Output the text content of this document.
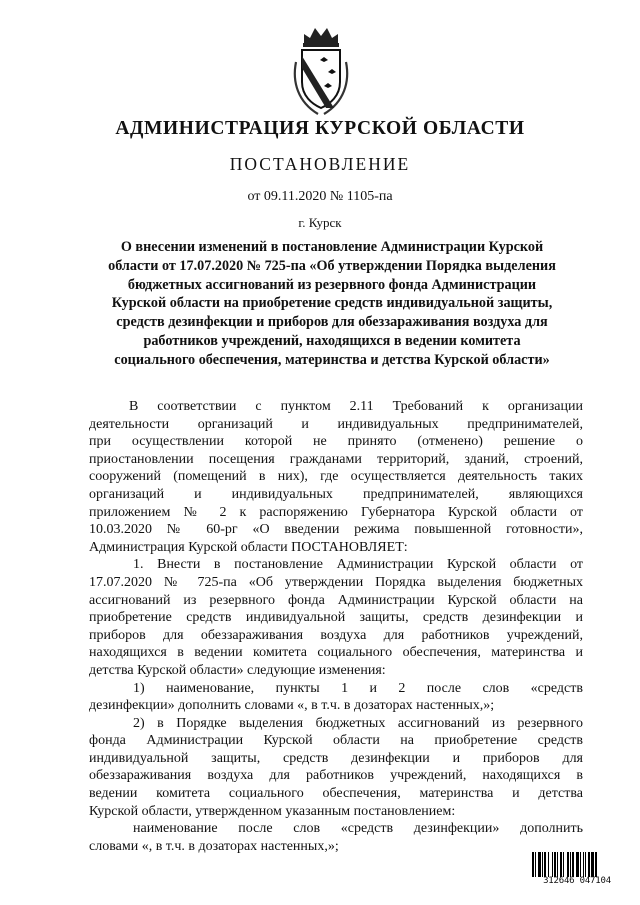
АДМИНИСТРАЦИЯ КУРСКОЙ ОБЛАСТИ
ПОСТАНОВЛЕНИЕ
от 09.11.2020 № 1105-па
г. Курск
О внесении изменений в постановление Администрации Курской
области от 17.07.2020 № 725-па «Об утверждении Порядка выделения
бюджетных ассигнований из резервного фонда Администрации
Курской области на приобретение средств индивидуальной защиты,
средств дезинфекции и приборов для обеззараживания воздуха для
работников учреждений, находящихся в ведении комитета
социального обеспечения, материнства и детства Курской области»
В соответствии с пунктом 2.11 Требований к организации
деятельности организаций и индивидуальных предпринимателей,
при осуществлении которой не принято (отменено) решение о
приостановлении посещения гражданами территорий, зданий, строений,
сооружений (помещений в них), где осуществляется деятельность таких
организаций и индивидуальных предпринимателей, являющихся
приложением № 2 к распоряжению Губернатора Курской области от
10.03.2020 № 60-рг «О введении режима повышенной готовности»,
Администрация Курской области ПОСТАНОВЛЯЕТ:
1. Внести в постановление Администрации Курской области от
17.07.2020 № 725-па «Об утверждении Порядка выделения бюджетных
ассигнований из резервного фонда Администрации Курской области на
приобретение средств индивидуальной защиты, средств дезинфекции и
приборов для обеззараживания воздуха для работников учреждений,
находящихся в ведении комитета социального обеспечения, материнства и
детства Курской области» следующие изменения:
1) наименование, пункты 1 и 2 после слов «средств
дезинфекции» дополнить словами «, в т.ч. в дозаторах настенных,»;
2) в Порядке выделения бюджетных ассигнований из резервного
фонда Администрации Курской области на приобретение средств
индивидуальной защиты, средств дезинфекции и приборов для
обеззараживания воздуха для работников учреждений, находящихся в
ведении комитета социального обеспечения, материнства и детства
Курской области, утвержденном указанным постановлением:
наименование после слов «средств дезинфекции» дополнить
словами «, в т.ч. в дозаторах настенных,»;
312646 047104
